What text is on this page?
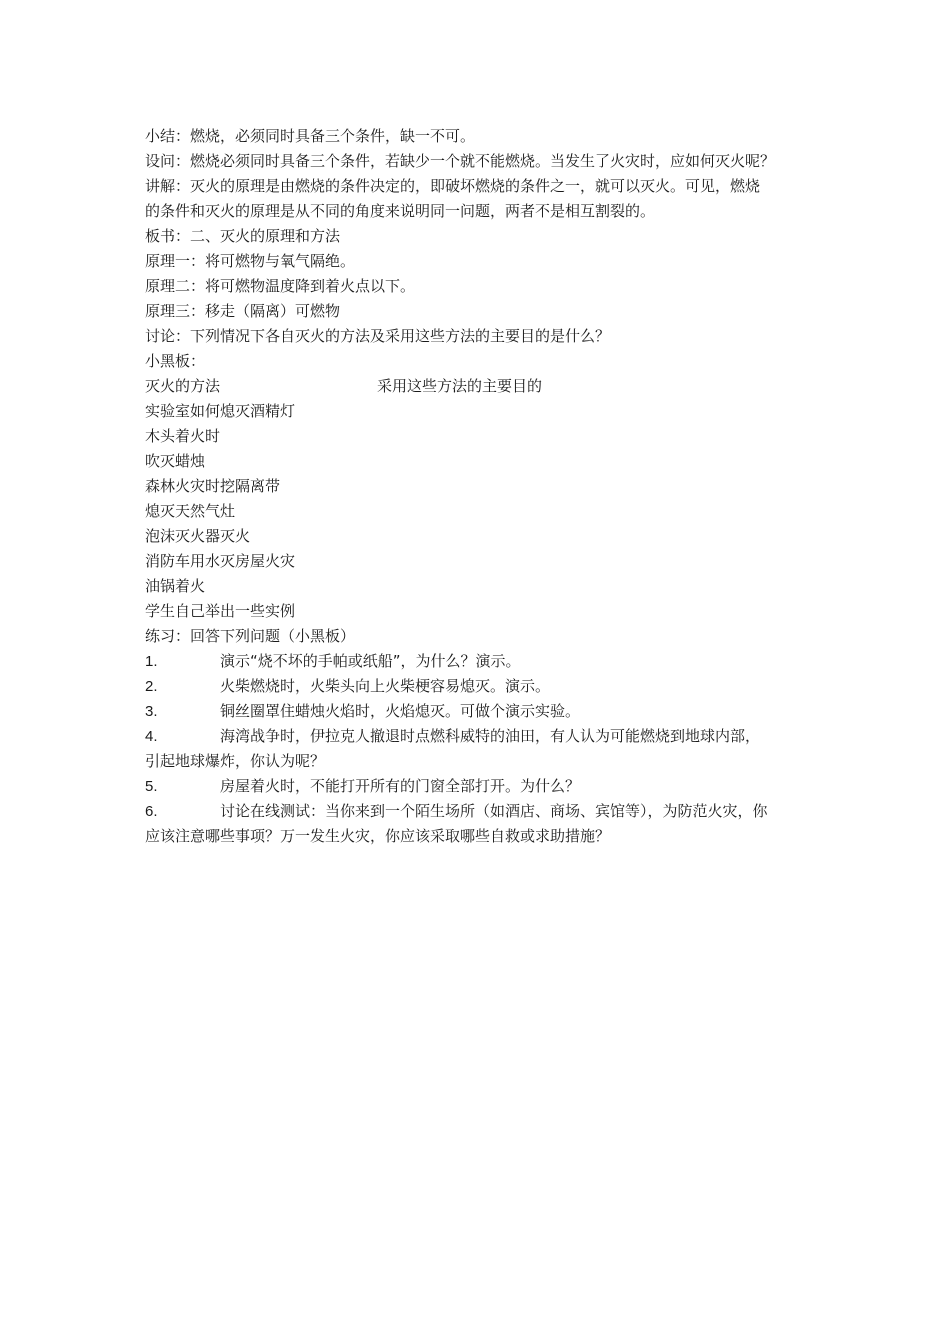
小结：燃烧，必须同时具备三个条件，缺一不可。
设问：燃烧必须同时具备三个条件，若缺少一个就不能燃烧。当发生了火灾时，应如何灭火呢？
讲解：灭火的原理是由燃烧的条件决定的，即破坏燃烧的条件之一，就可以灭火。可见，燃烧
的条件和灭火的原理是从不同的角度来说明同一问题，两者不是相互割裂的。
板书：二、灭火的原理和方法
原理一：将可燃物与氧气隔绝。
原理二：将可燃物温度降到着火点以下。
原理三：移走（隔离）可燃物
讨论：下列情况下各自灭火的方法及采用这些方法的主要目的是什么？
小黑板：
灭火的方法	采用这些方法的主要目的
实验室如何熄灭酒精灯
木头着火时
吹灭蜡烛
森林火灾时挖隔离带
熄灭天然气灶
泡沫灭火器灭火
消防车用水灭房屋火灾
油锅着火
学生自己举出一些实例
练习：回答下列问题（小黑板）
1.	演示“烧不坏的手帕或纸船”，为什么？演示。
2.	火柴燃烧时，火柴头向上火柴梗容易熄灭。演示。
3.	铜丝圈罩住蜡烛火焰时，火焰熄灭。可做个演示实验。
4.	海湾战争时，伊拉克人撤退时点燃科威特的油田，有人认为可能燃烧到地球内部，
引起地球爆炸，你认为呢？
5.	房屋着火时，不能打开所有的门窗全部打开。为什么？
6.	讨论在线测试：当你来到一个陌生场所（如酒店、商场、宾馆等），为防范火灾，你
应该注意哪些事项？万一发生火灾，你应该采取哪些自救或求助措施？
